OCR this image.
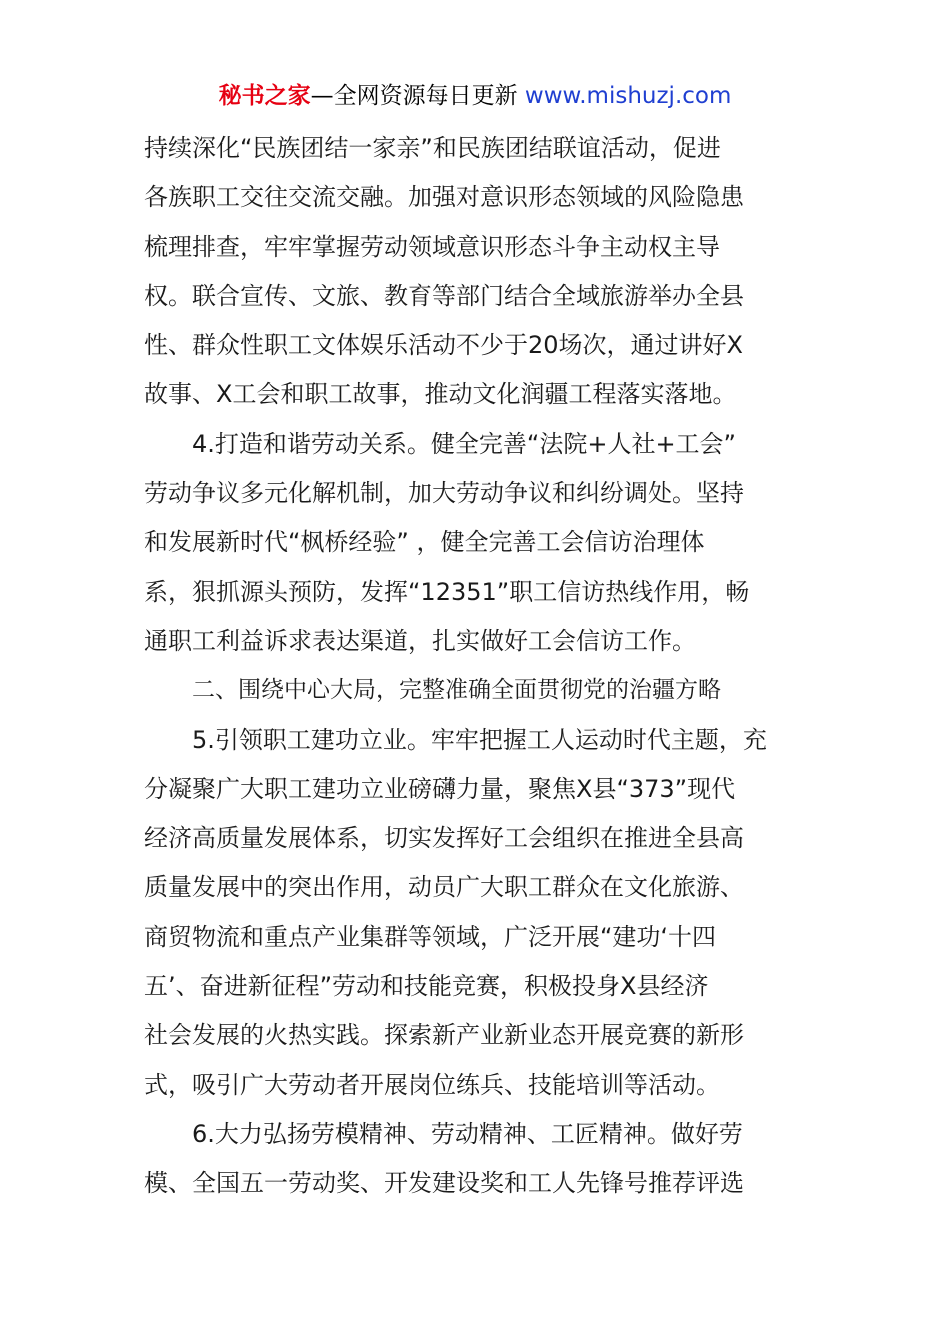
秘书之家—全网资源每日更新 www.mishuzj.com
持续深化“民族团结一家亲”和民族团结联谊活动，促进
各族职工交往交流交融。加强对意识形态领域的风险隐患
梳理排查，牢牢掌握劳动领域意识形态斗争主动权主导
权。联合宣传、文旅、教育等部门结合全域旅游举办全县
性、群众性职工文体娱乐活动不少于20场次，通过讲好X
故事、X工会和职工故事，推动文化润疆工程落实落地。
4.打造和谐劳动关系。健全完善“法院+人社+工会”
劳动争议多元化解机制，加大劳动争议和纠纷调处。坚持
和发展新时代“枫桥经验” ，健全完善工会信访治理体
系，狠抓源头预防，发挥“12351”职工信访热线作用，畅
通职工利益诉求表达渠道，扎实做好工会信访工作。
二、围绕中心大局，完整准确全面贯彻党的治疆方略
5.引领职工建功立业。牢牢把握工人运动时代主题，充
分凝聚广大职工建功立业磅礴力量，聚焦X县“373”现代
经济高质量发展体系，切实发挥好工会组织在推进全县高
质量发展中的突出作用，动员广大职工群众在文化旅游、
商贸物流和重点产业集群等领域，广泛开展“建功‘十四
五’、奋进新征程”劳动和技能竞赛，积极投身X县经济
社会发展的火热实践。探索新产业新业态开展竞赛的新形
式，吸引广大劳动者开展岗位练兵、技能培训等活动。
6.大力弘扬劳模精神、劳动精神、工匠精神。做好劳
模、全国五一劳动奖、开发建设奖和工人先锋号推荐评选
